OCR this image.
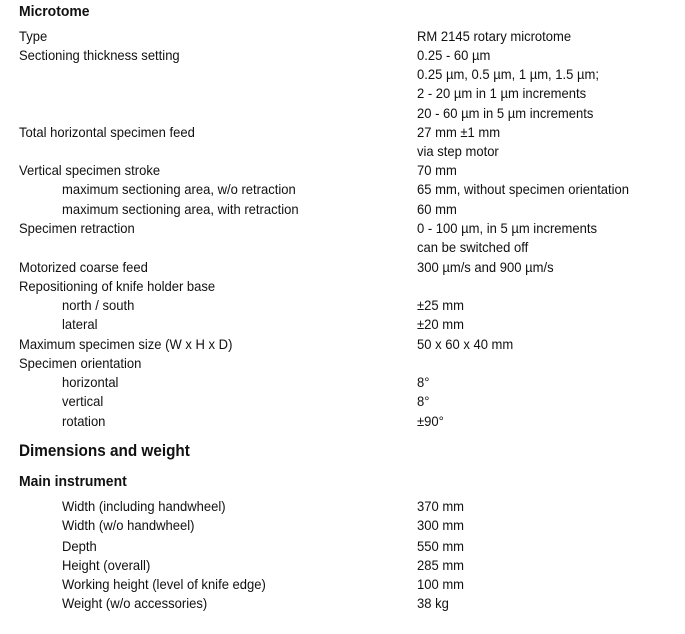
Microtome
Type	RM 2145 rotary microtome
Sectioning thickness setting	0.25 - 60 µm
0.25 µm, 0.5 µm, 1 µm, 1.5 µm;
2 - 20 µm in 1 µm increments
20 - 60 µm in 5 µm increments
Total horizontal specimen feed	27 mm ±1 mm
via step motor
Vertical specimen stroke	70 mm
maximum sectioning area, w/o retraction	65 mm, without specimen orientation
maximum sectioning area, with retraction	60 mm
Specimen retraction	0 - 100 µm, in 5 µm increments
can be switched off
Motorized coarse feed	300 µm/s and 900 µm/s
Repositioning of knife holder base
north / south	±25 mm
lateral	±20 mm
Maximum specimen size (W x H x D)	50 x 60 x 40 mm
Specimen orientation
horizontal	8°
vertical	8°
rotation	±90°
Dimensions and weight
Main instrument
Width (including handwheel)	370 mm
Width (w/o handwheel)	300 mm
Depth	550 mm
Height (overall)	285 mm
Working height (level of knife edge)	100 mm
Weight (w/o accessories)	38 kg
